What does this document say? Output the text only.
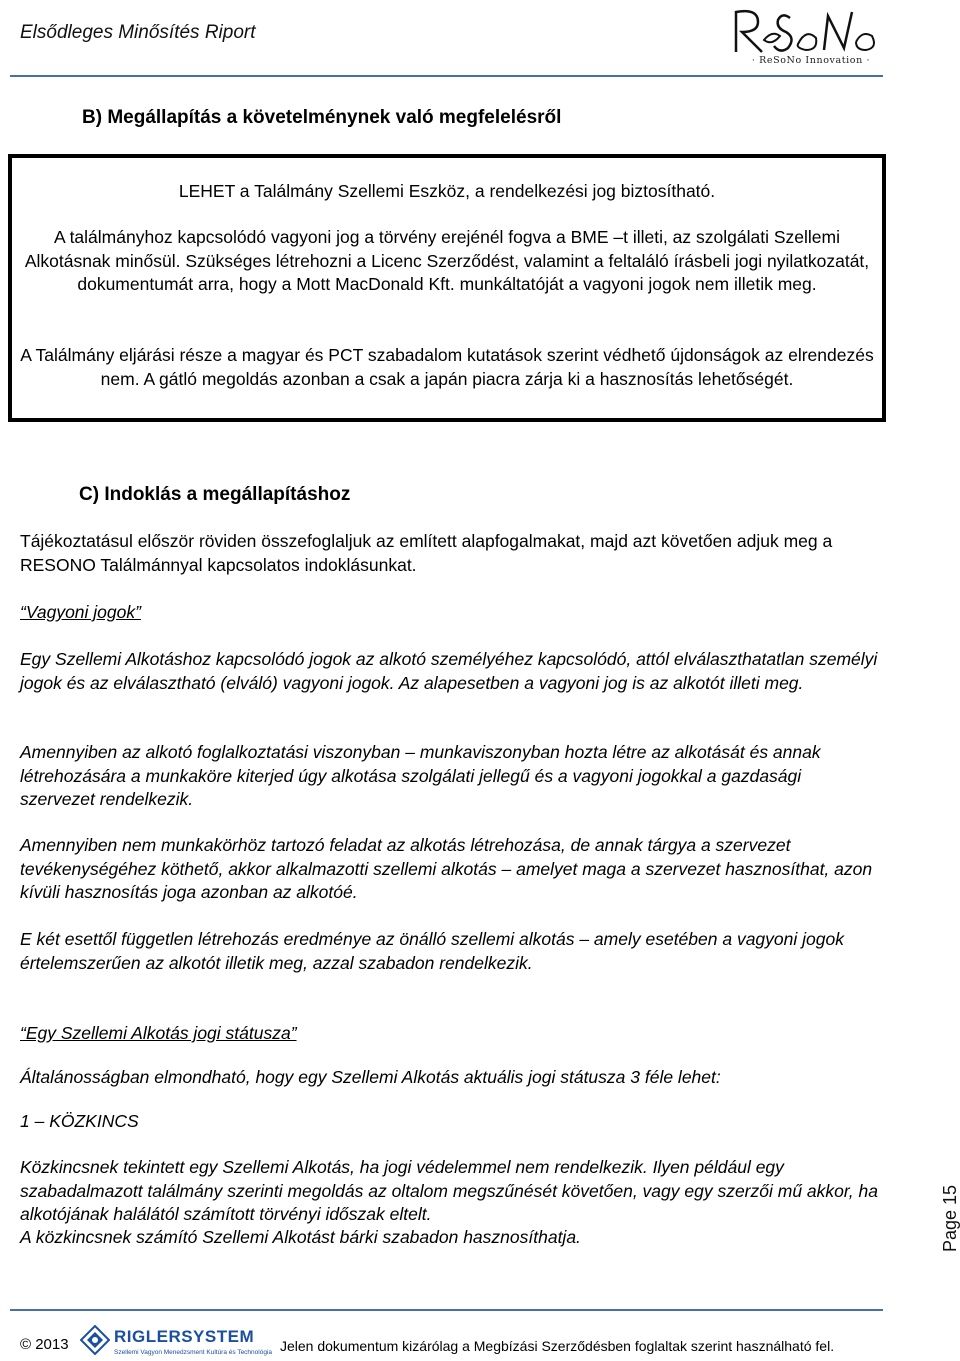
Elsődleges Minősítés Riport
· ReSoNo Innovation ·
B) Megállapítás a követelménynek való megfelelésről

LEHET a Találmány Szellemi Eszköz, a rendelkezési jog biztosítható.

A találmányhoz kapcsolódó vagyoni jog a törvény erejénél fogva a BME –t illeti, az szolgálati Szellemi Alkotásnak minősül. Szükséges létrehozni a Licenc Szerződést, valamint a feltaláló írásbeli jogi nyilatkozatát, dokumentumát arra, hogy a Mott MacDonald Kft. munkáltatóját a vagyoni jogok nem illetik meg.

A Találmány eljárási része a magyar és PCT szabadalom kutatások szerint védhető újdonságok az elrendezés nem. A gátló megoldás azonban a csak a japán piacra zárja ki a hasznosítás lehetőségét.

C) Indoklás a megállapításhoz

Tájékoztatásul először röviden összefoglaljuk az említett alapfogalmakat, majd azt követően adjuk meg a RESONO Találmánnyal kapcsolatos indoklásunkat.

“Vagyoni jogok”

Egy Szellemi Alkotáshoz kapcsolódó jogok az alkotó személyéhez kapcsolódó, attól elválaszthatatlan személyi jogok és az elválasztható (elváló) vagyoni jogok. Az alapesetben a vagyoni jog is az alkotót illeti meg.

Amennyiben az alkotó foglalkoztatási viszonyban – munkaviszonyban hozta létre az alkotását és annak létrehozására a munkaköre kiterjed úgy alkotása szolgálati jellegű és a vagyoni jogokkal a gazdasági szervezet rendelkezik.

Amennyiben nem munkakörhöz tartozó feladat az alkotás létrehozása, de annak tárgya a szervezet tevékenységéhez köthető, akkor alkalmazotti szellemi alkotás – amelyet maga a szervezet hasznosíthat, azon kívüli hasznosítás joga azonban az alkotóé.

E két esettől független létrehozás eredménye az önálló szellemi alkotás – amely esetében a vagyoni jogok értelemszerűen az alkotót illetik meg, azzal szabadon rendelkezik.

“Egy Szellemi Alkotás jogi státusza”

Általánosságban elmondható, hogy egy Szellemi Alkotás aktuális jogi státusza 3 féle lehet:

1 – KÖZKINCS

Közkincsnek tekintett egy Szellemi Alkotás, ha jogi védelemmel nem rendelkezik. Ilyen például egy szabadalmazott találmány szerinti megoldás az oltalom megszűnését követően, vagy egy szerzői mű akkor, ha alkotójának halálától számított törvényi időszak eltelt.

A közkincsnek számító Szellemi Alkotást bárki szabadon hasznosíthatja.	Page 15
© 2013	RIGLERSYSTEM
Szellemi Vagyon Menedzsment Kultúra és Technológia Jelen dokumentum kizárólag a Megbízási Szerződésben foglaltak szerint használható fel.
